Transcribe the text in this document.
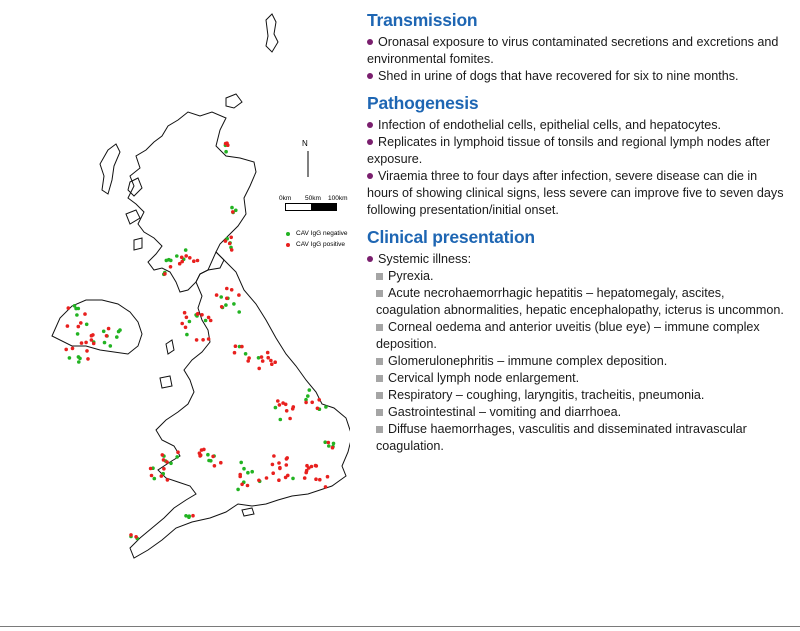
N
0km 50km 100km
CAV IgG negative
CAV IgG positive
Transmission

Oronasal exposure to virus contaminated secretions and excretions and environmental fomites.

Shed in urine of dogs that have recovered for six to nine months.

Pathogenesis

Infection of endothelial cells, epithelial cells, and hepatocytes.

Replicates in lymphoid tissue of tonsils and regional lymph nodes after exposure.

Viraemia three to four days after infection, severe disease can die in hours of showing clinical signs, less severe can improve five to seven days following presentation/initial onset.

Clinical presentation

Systemic illness:

Pyrexia.

Acute necrohaemorrhagic hepatitis – hepatomegaly, ascites, coagulation abnormalities, hepatic encephalopathy, icterus is uncommon.

Corneal oedema and anterior uveitis (blue eye) – immune complex deposition.

Glomerulonephritis – immune complex deposition.

Cervical lymph node enlargement.

Respiratory – coughing, laryngitis, tracheitis, pneumonia.

Gastrointestinal – vomiting and diarrhoea.

Diffuse haemorrhages, vasculitis and disseminated intravascular coagulation.
